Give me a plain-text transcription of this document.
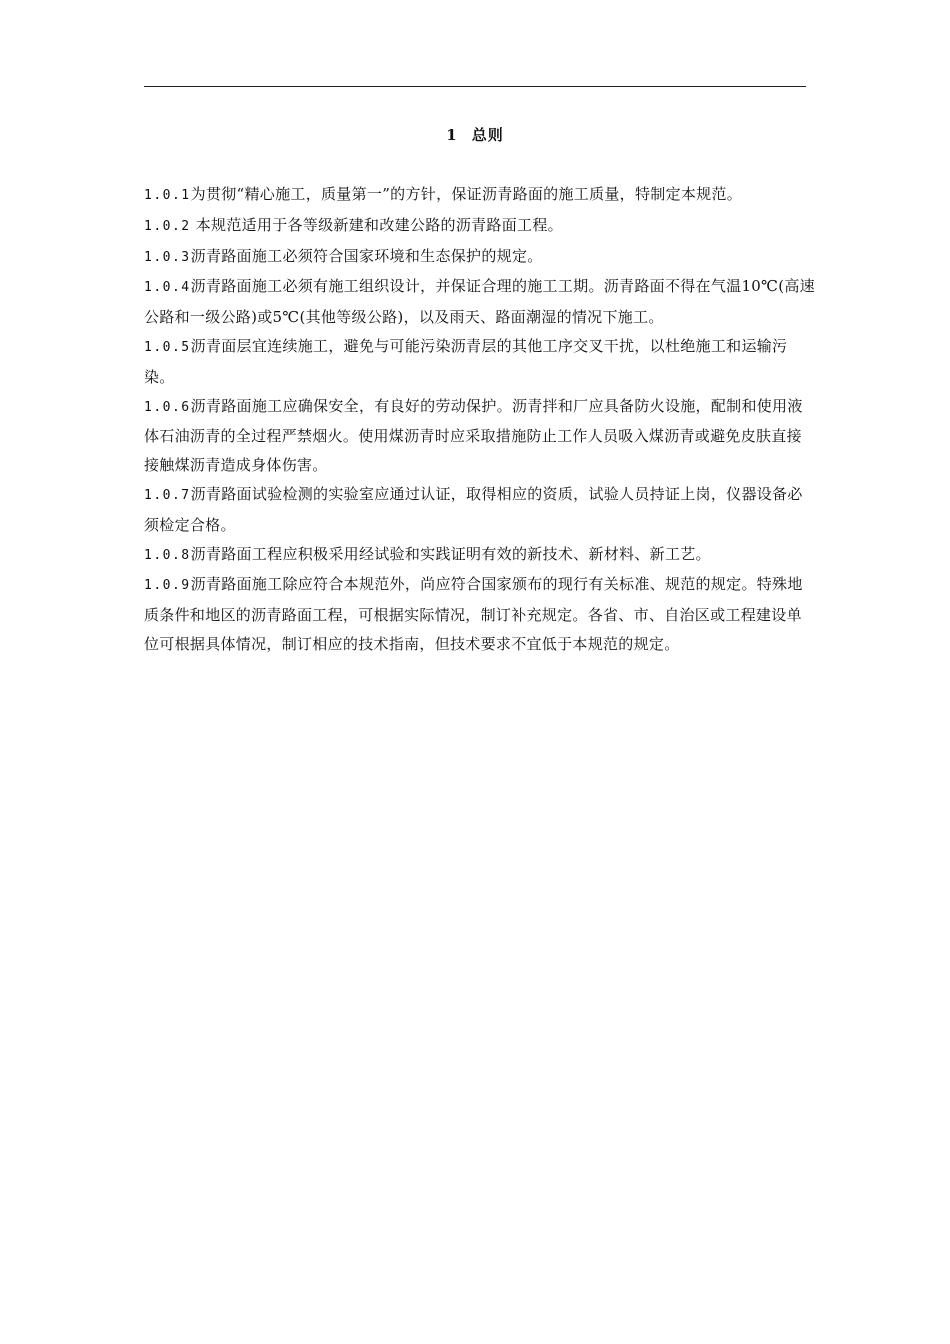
1 总则

1.0.1为贯彻“精心施工，质量第一”的方针，保证沥青路面的施工质量，特制定本规范。

1.0.2 本规范适用于各等级新建和改建公路的沥青路面工程。

1.0.3沥青路面施工必须符合国家环境和生态保护的规定。

1.0.4沥青路面施工必须有施工组织设计，并保证合理的施工工期。沥青路面不得在气温10℃(高速公路和一级公路)或5℃(其他等级公路)，以及雨天、路面潮湿的情况下施工。

1.0.5沥青面层宜连续施工，避免与可能污染沥青层的其他工序交叉干扰，以杜绝施工和运输污染。

1.0.6沥青路面施工应确保安全，有良好的劳动保护。沥青拌和厂应具备防火设施，配制和使用液体石油沥青的全过程严禁烟火。使用煤沥青时应采取措施防止工作人员吸入煤沥青或避免皮肤直接接触煤沥青造成身体伤害。

1.0.7沥青路面试验检测的实验室应通过认证，取得相应的资质，试验人员持证上岗，仪器设备必须检定合格。

1.0.8沥青路面工程应积极采用经试验和实践证明有效的新技术、新材料、新工艺。

1.0.9沥青路面施工除应符合本规范外，尚应符合国家颁布的现行有关标准、规范的规定。特殊地质条件和地区的沥青路面工程，可根据实际情况，制订补充规定。各省、市、自治区或工程建设单位可根据具体情况，制订相应的技术指南，但技术要求不宜低于本规范的规定。
